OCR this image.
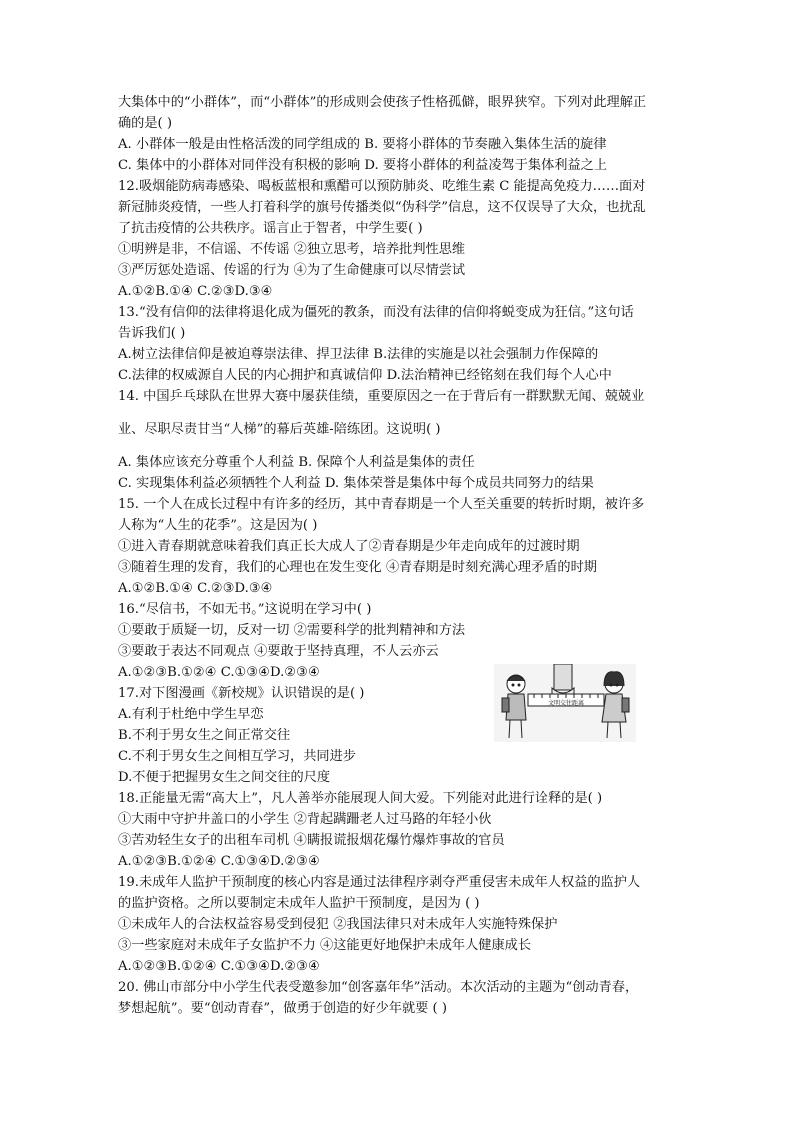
大集体中的“小群体”，而“小群体”的形成则会使孩子性格孤僻，眼界狭窄。下列对此理解正
确的是( )
A. 小群体一般是由性格活泼的同学组成的 B. 要将小群体的节奏融入集体生活的旋律
C. 集体中的小群体对同伴没有积极的影响 D. 要将小群体的利益凌驾于集体利益之上
12.吸烟能防病毒感染、喝板蓝根和熏醋可以预防肺炎、吃维生素 C 能提高免疫力……面对
新冠肺炎疫情，一些人打着科学的旗号传播类似“伪科学”信息，这不仅误导了大众，也扰乱
了抗击疫情的公共秩序。谣言止于智者，中学生要( )
①明辨是非，不信谣、不传谣 ②独立思考，培养批判性思维
③严厉惩处造谣、传谣的行为 ④为了生命健康可以尽情尝试
A.①②B.①④ C.②③D.③④
13.“没有信仰的法律将退化成为僵死的教条，而没有法律的信仰将蜕变成为狂信。”这句话
告诉我们( )
A.树立法律信仰是被迫尊崇法律、捍卫法律 B.法律的实施是以社会强制力作保障的
C.法律的权威源自人民的内心拥护和真诚信仰 D.法治精神已经铭刻在我们每个人心中
14. 中国乒乓球队在世界大赛中屡获佳绩，重要原因之一在于背后有一群默默无闻、兢兢业
业、尽职尽责甘当“人梯”的幕后英雄-陪练团。这说明( )
A. 集体应该充分尊重个人利益 B. 保障个人利益是集体的责任
C. 实现集体利益必须牺牲个人利益 D. 集体荣誉是集体中每个成员共同努力的结果
15. 一个人在成长过程中有许多的经历，其中青春期是一个人至关重要的转折时期，被许多
人称为“人生的花季”。这是因为( )
①进入青春期就意味着我们真正长大成人了②青春期是少年走向成年的过渡时期
③随着生理的发育，我们的心理也在发生变化 ④青春期是时刻充满心理矛盾的时期
A.①②B.①④ C.②③D.③④
16.“尽信书，不如无书。”这说明在学习中( )
①要敢于质疑一切，反对一切 ②需要科学的批判精神和方法
③要敢于表达不同观点 ④要敢于坚持真理，不人云亦云
A.①②③B.①②④ C.①③④D.②③④
17.对下图漫画《新校规》认识错误的是( )
A.有利于杜绝中学生早恋
B.不利于男女生之间正常交往
C.不利于男女生之间相互学习，共同进步
D.不便于把握男女生之间交往的尺度
18.正能量无需“高大上”，凡人善举亦能展现人间大爱。下列能对此进行诠释的是( )
①大雨中守护井盖口的小学生 ②背起蹒跚老人过马路的年轻小伙
③苦劝轻生女子的出租车司机 ④瞒报谎报烟花爆竹爆炸事故的官员
A.①②③B.①②④ C.①③④D.②③④
19.未成年人监护干预制度的核心内容是通过法律程序剥夺严重侵害未成年人权益的监护人
的监护资格。之所以要制定未成年人监护干预制度，是因为 ( )
①未成年人的合法权益容易受到侵犯 ②我国法律只对未成年人实施特殊保护
③一些家庭对未成年子女监护不力 ④这能更好地保护未成年人健康成长
A.①②③B.①②④ C.①③④D.②③④
20. 佛山市部分中小学生代表受邀参加“创客嘉年华”活动。本次活动的主题为“创动青春，
梦想起航”。要“创动青春”，做勇于创造的好少年就要 ( )
文明交往距离
